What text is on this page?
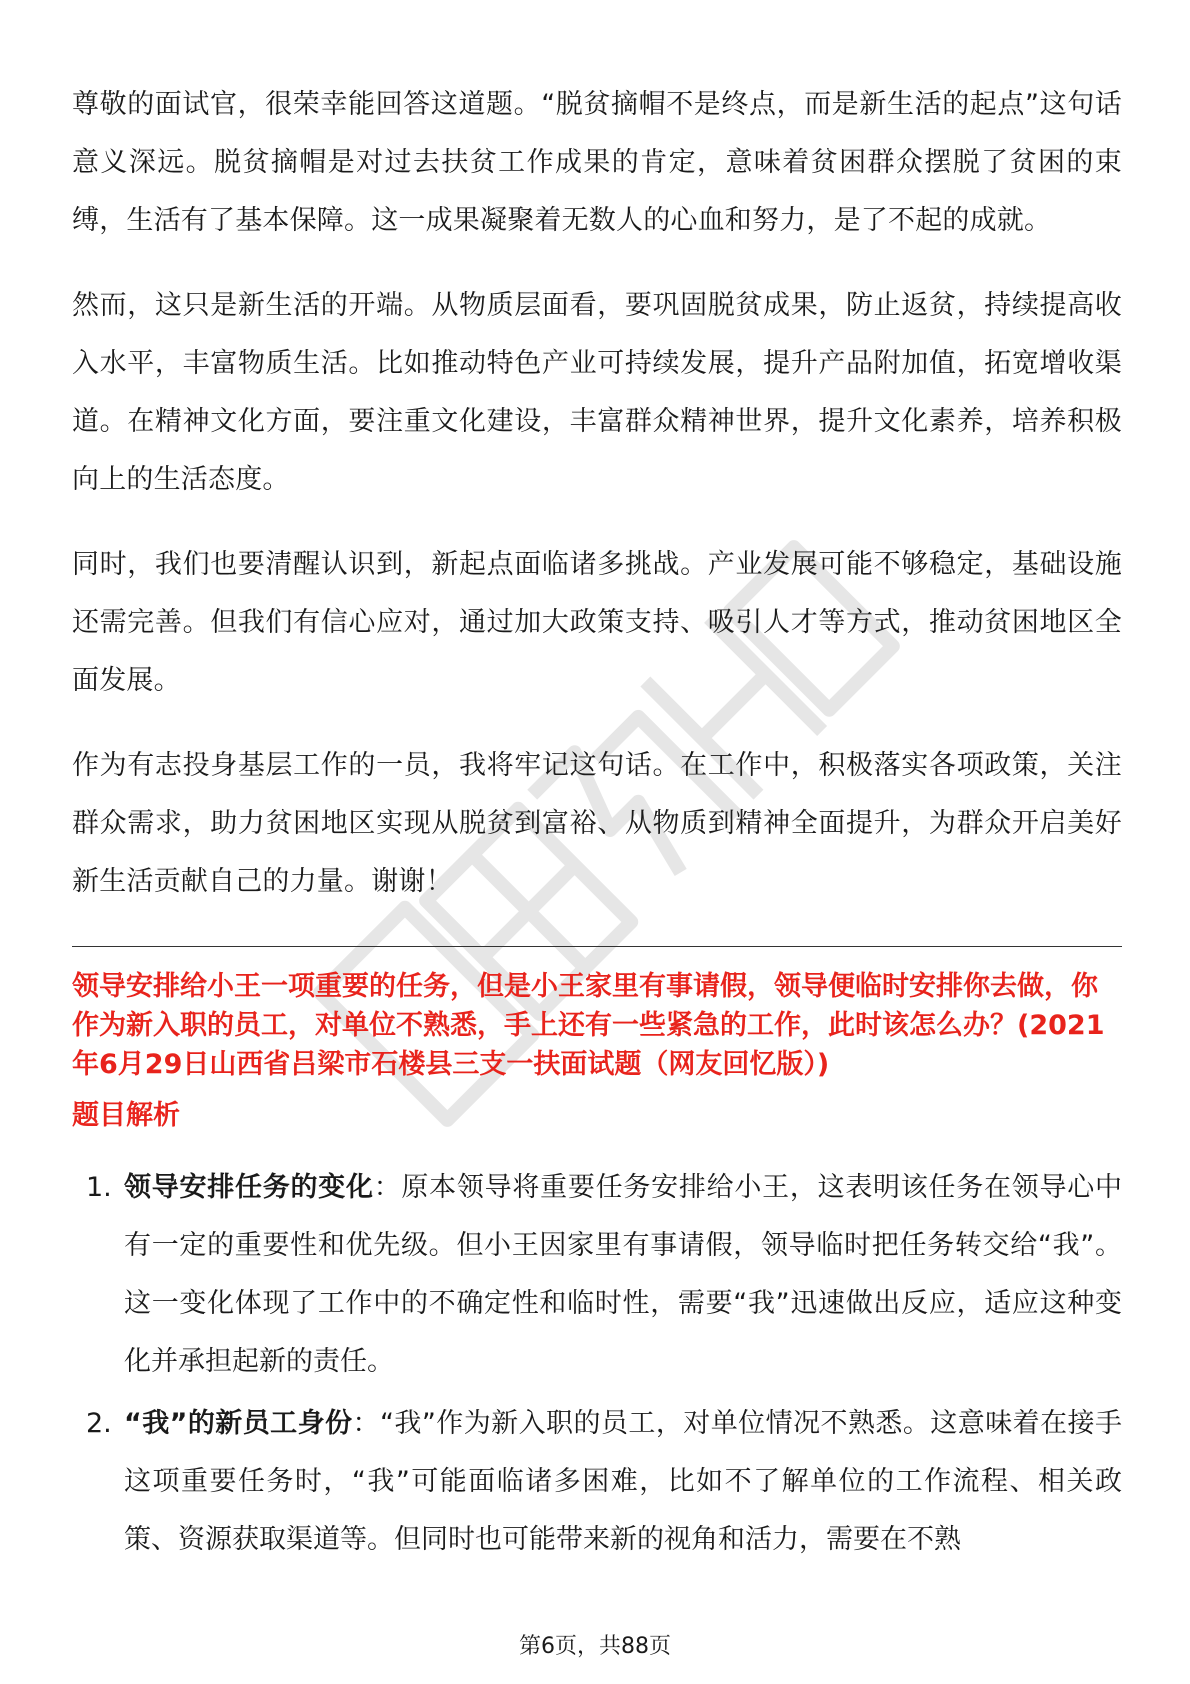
尊敬的面试官，很荣幸能回答这道题。“脱贫摘帽不是终点，而是新生活的起点”这句话意义深远。脱贫摘帽是对过去扶贫工作成果的肯定，意味着贫困群众摆脱了贫困的束缚，生活有了基本保障。这一成果凝聚着无数人的心血和努力，是了不起的成就。

然而，这只是新生活的开端。从物质层面看，要巩固脱贫成果，防止返贫，持续提高收入水平，丰富物质生活。比如推动特色产业可持续发展，提升产品附加值，拓宽增收渠道。在精神文化方面，要注重文化建设，丰富群众精神世界，提升文化素养，培养积极向上的生活态度。

同时，我们也要清醒认识到，新起点面临诸多挑战。产业发展可能不够稳定，基础设施还需完善。但我们有信心应对，通过加大政策支持、吸引人才等方式，推动贫困地区全面发展。

作为有志投身基层工作的一员，我将牢记这句话。在工作中，积极落实各项政策，关注群众需求，助力贫困地区实现从脱贫到富裕、从物质到精神全面提升，为群众开启美好新生活贡献自己的力量。谢谢！

领导安排给小王一项重要的任务，但是小王家里有事请假，领导便临时安排你去做，你作为新入职的员工，对单位不熟悉，手上还有一些紧急的工作，此时该怎么办？(2021年6月29日山西省吕梁市石楼县三支一扶面试题（网友回忆版）)

题目解析

1. 领导安排任务的变化：原本领导将重要任务安排给小王，这表明该任务在领导心中有一定的重要性和优先级。但小王因家里有事请假，领导临时把任务转交给“我”。这一变化体现了工作中的不确定性和临时性，需要“我”迅速做出反应，适应这种变化并承担起新的责任。
2. “我”的新员工身份：“我”作为新入职的员工，对单位情况不熟悉。这意味着在接手这项重要任务时，“我”可能面临诸多困难，比如不了解单位的工作流程、相关政策、资源获取渠道等。但同时也可能带来新的视角和活力，需要在不熟
第6页，共88页
